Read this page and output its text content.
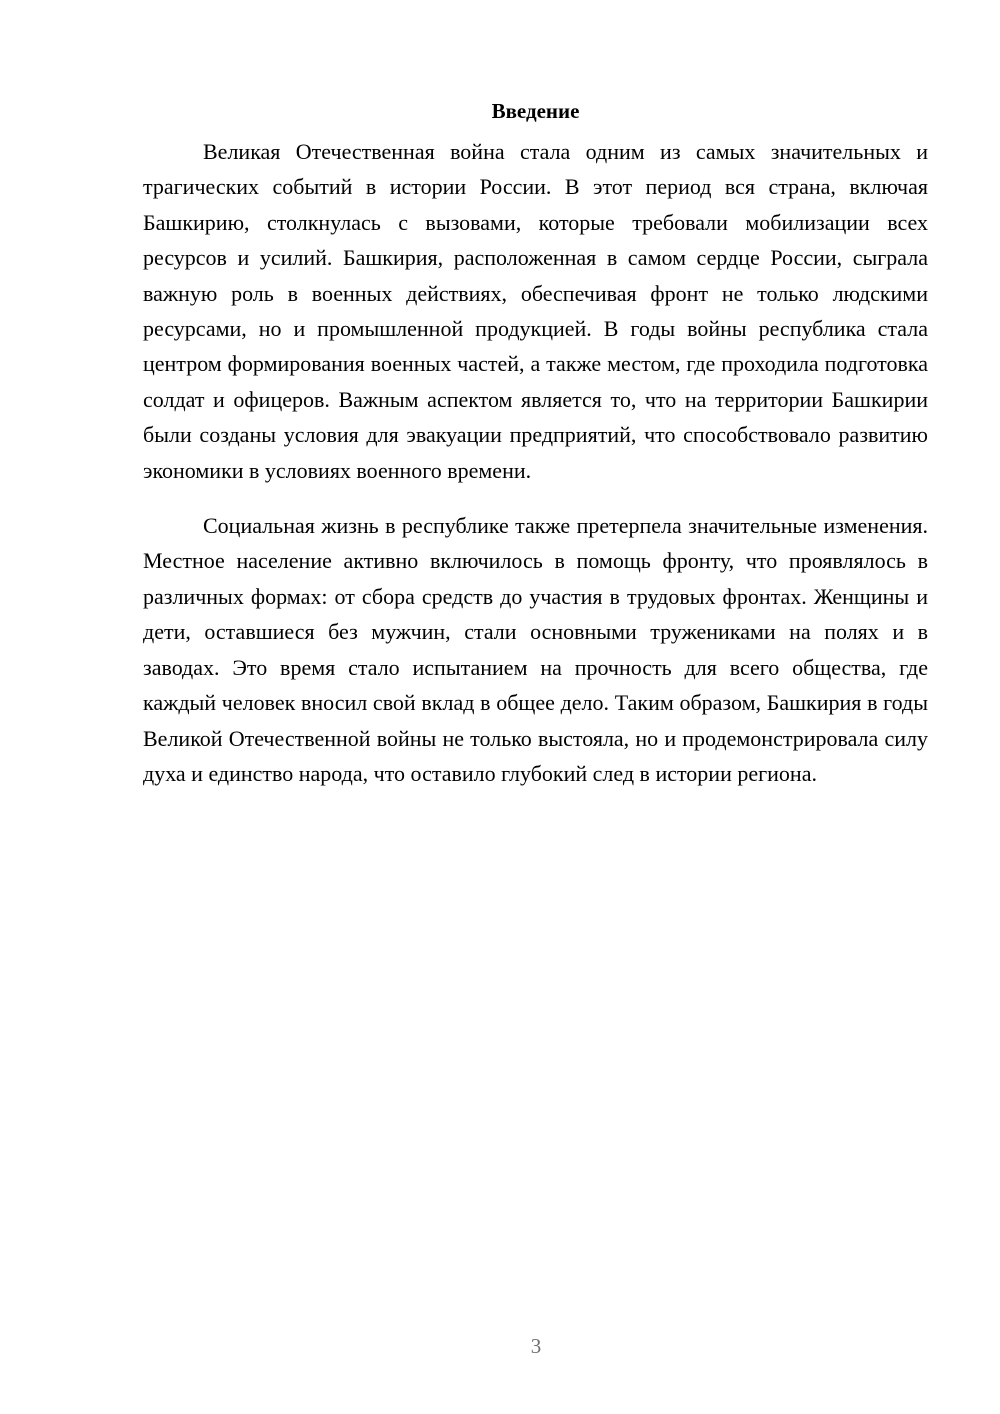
Введение

Великая Отечественная война стала одним из самых значительных и трагических событий в истории России. В этот период вся страна, включая Башкирию, столкнулась с вызовами, которые требовали мобилизации всех ресурсов и усилий. Башкирия, расположенная в самом сердце России, сыграла важную роль в военных действиях, обеспечивая фронт не только людскими ресурсами, но и промышленной продукцией. В годы войны республика стала центром формирования военных частей, а также местом, где проходила подготовка солдат и офицеров. Важным аспектом является то, что на территории Башкирии были созданы условия для эвакуации предприятий, что способствовало развитию экономики в условиях военного времени.

Социальная жизнь в республике также претерпела значительные изменения. Местное население активно включилось в помощь фронту, что проявлялось в различных формах: от сбора средств до участия в трудовых фронтах. Женщины и дети, оставшиеся без мужчин, стали основными тружениками на полях и в заводах. Это время стало испытанием на прочность для всего общества, где каждый человек вносил свой вклад в общее дело. Таким образом, Башкирия в годы Великой Отечественной войны не только выстояла, но и продемонстрировала силу духа и единство народа, что оставило глубокий след в истории региона.

3
